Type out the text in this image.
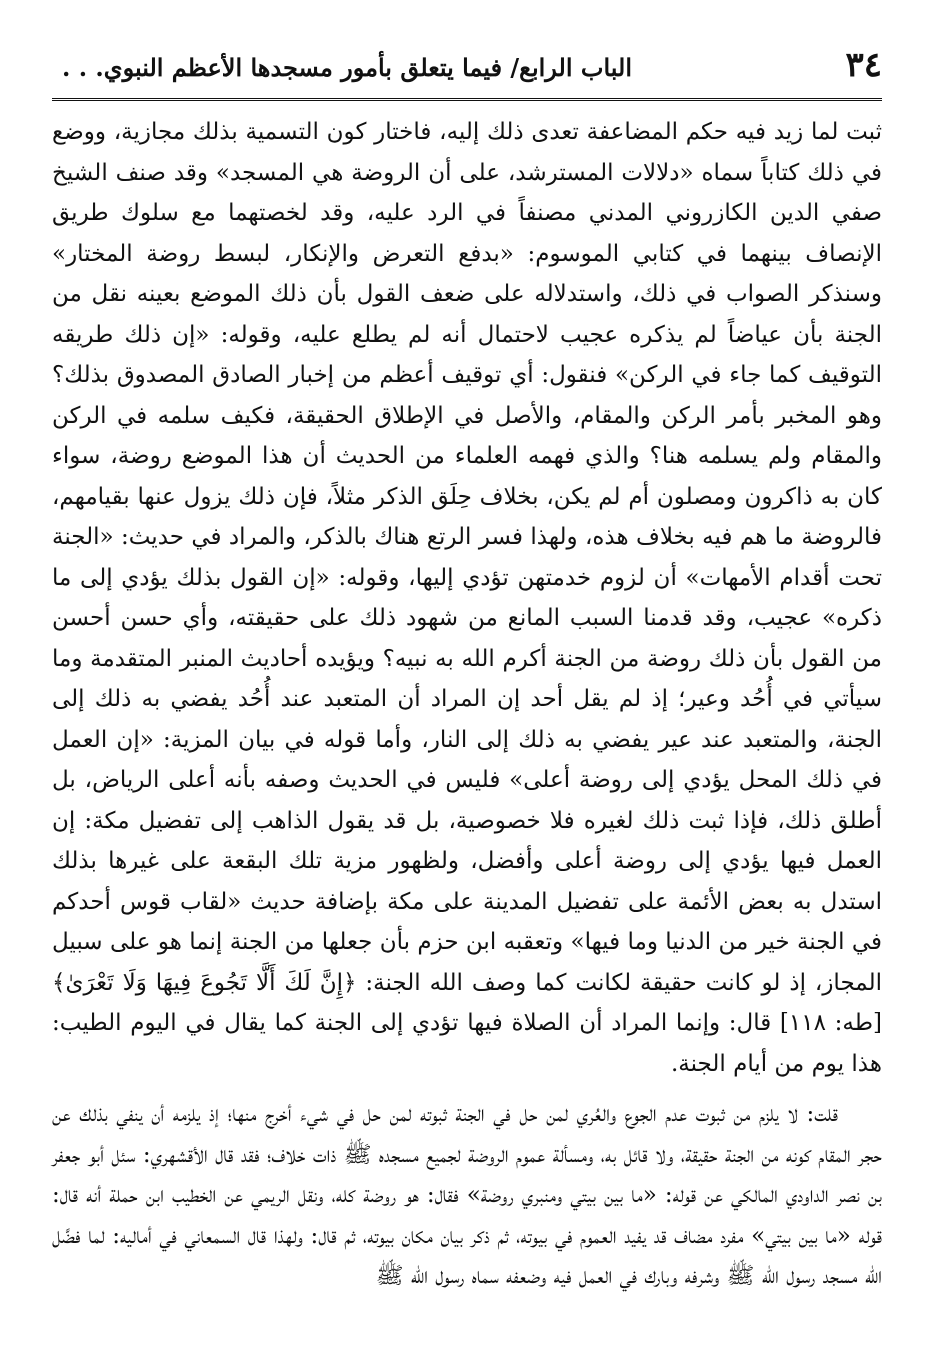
٣٤
الباب الرابع/ فيما يتعلق بأمور مسجدها الأعظم النبوي. . .

ثبت لما زيد فيه حكم المضاعفة تعدى ذلك إليه، فاختار كون التسمية بذلك مجازية، ووضع في ذلك كتاباً سماه «دلالات المسترشد، على أن الروضة هي المسجد» وقد صنف الشيخ صفي الدين الكازروني المدني مصنفاً في الرد عليه، وقد لخصتهما مع سلوك طريق الإنصاف بينهما في كتابي الموسوم: «بدفع التعرض والإنكار، لبسط روضة المختار» وسنذكر الصواب في ذلك، واستدلاله على ضعف القول بأن ذلك الموضع بعينه نقل من الجنة بأن عياضاً لم يذكره عجيب لاحتمال أنه لم يطلع عليه، وقوله: «إن ذلك طريقه التوقيف كما جاء في الركن» فنقول: أي توقيف أعظم من إخبار الصادق المصدوق بذلك؟ وهو المخبر بأمر الركن والمقام، والأصل في الإطلاق الحقيقة، فكيف سلمه في الركن والمقام ولم يسلمه هنا؟ والذي فهمه العلماء من الحديث أن هذا الموضع روضة، سواء كان به ذاكرون ومصلون أم لم يكن، بخلاف حِلَق الذكر مثلاً، فإن ذلك يزول عنها بقيامهم، فالروضة ما هم فيه بخلاف هذه، ولهذا فسر الرتع هناك بالذكر، والمراد في حديث: «الجنة تحت أقدام الأمهات» أن لزوم خدمتهن تؤدي إليها، وقوله: «إن القول بذلك يؤدي إلى ما ذكره» عجيب، وقد قدمنا السبب المانع من شهود ذلك على حقيقته، وأي حسن أحسن من القول بأن ذلك روضة من الجنة أكرم الله به نبيه؟ ويؤيده أحاديث المنبر المتقدمة وما سيأتي في أُحُد وعير؛ إذ لم يقل أحد إن المراد أن المتعبد عند أُحُد يفضي به ذلك إلى الجنة، والمتعبد عند عير يفضي به ذلك إلى النار، وأما قوله في بيان المزية: «إن العمل في ذلك المحل يؤدي إلى روضة أعلى» فليس في الحديث وصفه بأنه أعلى الرياض، بل أطلق ذلك، فإذا ثبت ذلك لغيره فلا خصوصية، بل قد يقول الذاهب إلى تفضيل مكة: إن العمل فيها يؤدي إلى روضة أعلى وأفضل، ولظهور مزية تلك البقعة على غيرها بذلك استدل به بعض الأئمة على تفضيل المدينة على مكة بإضافة حديث «لقاب قوس أحدكم في الجنة خير من الدنيا وما فيها» وتعقبه ابن حزم بأن جعلها من الجنة إنما هو على سبيل المجاز، إذ لو كانت حقيقة لكانت كما وصف الله الجنة: ﴿إِنَّ لَكَ أَلَّا تَجُوعَ فِيهَا وَلَا تَعْرَىٰ﴾ [طه: ١١٨] قال: وإنما المراد أن الصلاة فيها تؤدي إلى الجنة كما يقال في اليوم الطيب: هذا يوم من أيام الجنة.

قلت: لا يلزم من ثبوت عدم الجوع والعُري لمن حل في الجنة ثبوته لمن حل في شيء أخرج منها؛ إذ يلزمه أن ينفي بذلك عن حجر المقام كونه من الجنة حقيقة، ولا قائل به، ومسألة عموم الروضة لجميع مسجده ﷺ ذات خلاف؛ فقد قال الأقشهري: سئل أبو جعفر بن نصر الداودي المالكي عن قوله: «ما بين بيتي ومنبري روضة» فقال: هو روضة كله، ونقل الريمي عن الخطيب ابن حملة أنه قال: قوله «ما بين بيتي» مفرد مضاف قد يفيد العموم في بيوته، ثم ذكر بيان مكان بيوته، ثم قال: ولهذا قال السمعاني في أماليه: لما فضَّل الله مسجد رسول الله ﷺ وشرفه وبارك في العمل فيه وضعفه سماه رسول الله ﷺ
